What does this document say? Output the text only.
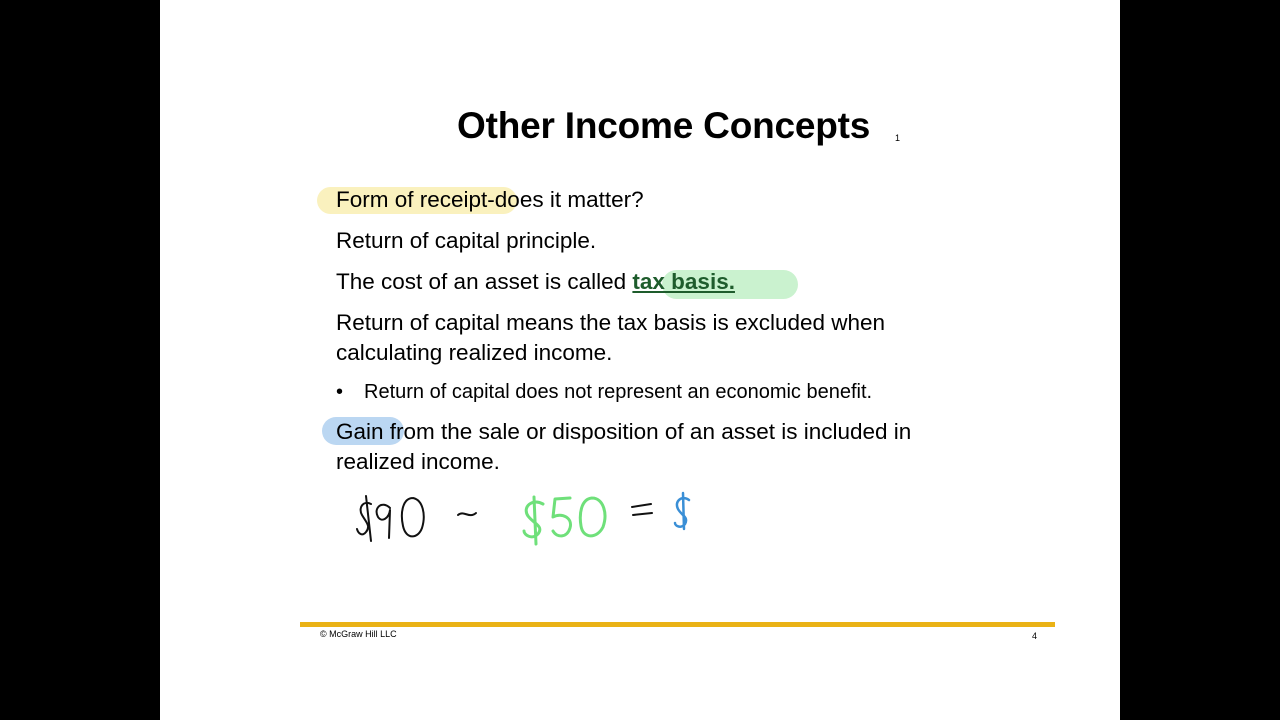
Other Income Concepts	1
Form of receipt-does it matter?
Return of capital principle.
The cost of an asset is called tax basis.
Return of capital means the tax basis is excluded when
calculating realized income.
• Return of capital does not represent an economic benefit.
Gain from the sale or disposition of an asset is included in
realized income.
© McGraw Hill LLC	4
